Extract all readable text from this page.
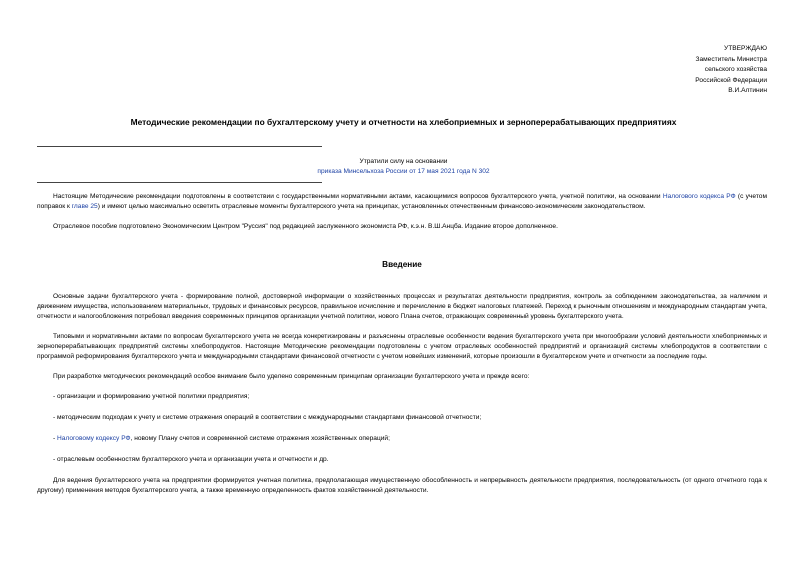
УТВЕРЖДАЮ
Заместитель Министра
сельского хозяйства
Российской Федерации
В.И.Алтинин
Методические рекомендации по бухгалтерскому учету и отчетности на хлебоприемных и зерноперерабатывающих предприятиях
Утратили силу на основании
приказа Минсельхоза России от 17 мая 2021 года N 302

Настоящие Методические рекомендации подготовлены в соответствии с государственными нормативными актами, касающимися вопросов бухгалтерского учета, учетной политики, на основании Налогового кодекса РФ (с учетом поправок к главе 25) и имеют целью максимально осветить отраслевые моменты бухгалтерского учета на принципах, установленных отечественным финансово-экономическим законодательством.

Отраслевое пособие подготовлено Экономическим Центром "Руссия" под редакцией заслуженного экономиста РФ, к.э.н. В.Ш.Анцба. Издание второе дополненное.

Введение

Основные задачи бухгалтерского учета - формирование полной, достоверной информации о хозяйственных процессах и результатах деятельности предприятия, контроль за соблюдением законодательства, за наличием и движением имущества, использованием материальных, трудовых и финансовых ресурсов, правильное исчисление и перечисление в бюджет налоговых платежей. Переход к рыночным отношениям и международным стандартам учета, отчетности и налогообложения потребовал введения современных принципов организации учетной политики, нового Плана счетов, отражающих современный уровень бухгалтерского учета.

Типовыми и нормативными актами по вопросам бухгалтерского учета не всегда конкретизированы и разъяснены отраслевые особенности ведения бухгалтерского учета при многообразии условий деятельности хлебоприемных и зерноперерабатывающих предприятий системы хлебопродуктов. Настоящие Методические рекомендации подготовлены с учетом отраслевых особенностей предприятий и организаций системы хлебопродуктов в соответствии с программой реформирования бухгалтерского учета и международными стандартами финансовой отчетности с учетом новейших изменений, которые произошли в бухгалтерском учете и отчетности за последние годы.

При разработке методических рекомендаций особое внимание было уделено современным принципам организации бухгалтерского учета и прежде всего:

- организации и формированию учетной политики предприятия;
- методическим подходам к учету и системе отражения операций в соответствии с международными стандартами финансовой отчетности;
- Налоговому кодексу РФ, новому Плану счетов и современной системе отражения хозяйственных операций;
- отраслевым особенностям бухгалтерского учета и организации учета и отчетности и др.

Для ведения бухгалтерского учета на предприятии формируется учетная политика, предполагающая имущественную обособленность и непрерывность деятельности предприятия, последовательность (от одного отчетного года к другому) применения методов бухгалтерского учета, а также временную определенность фактов хозяйственной деятельности.
